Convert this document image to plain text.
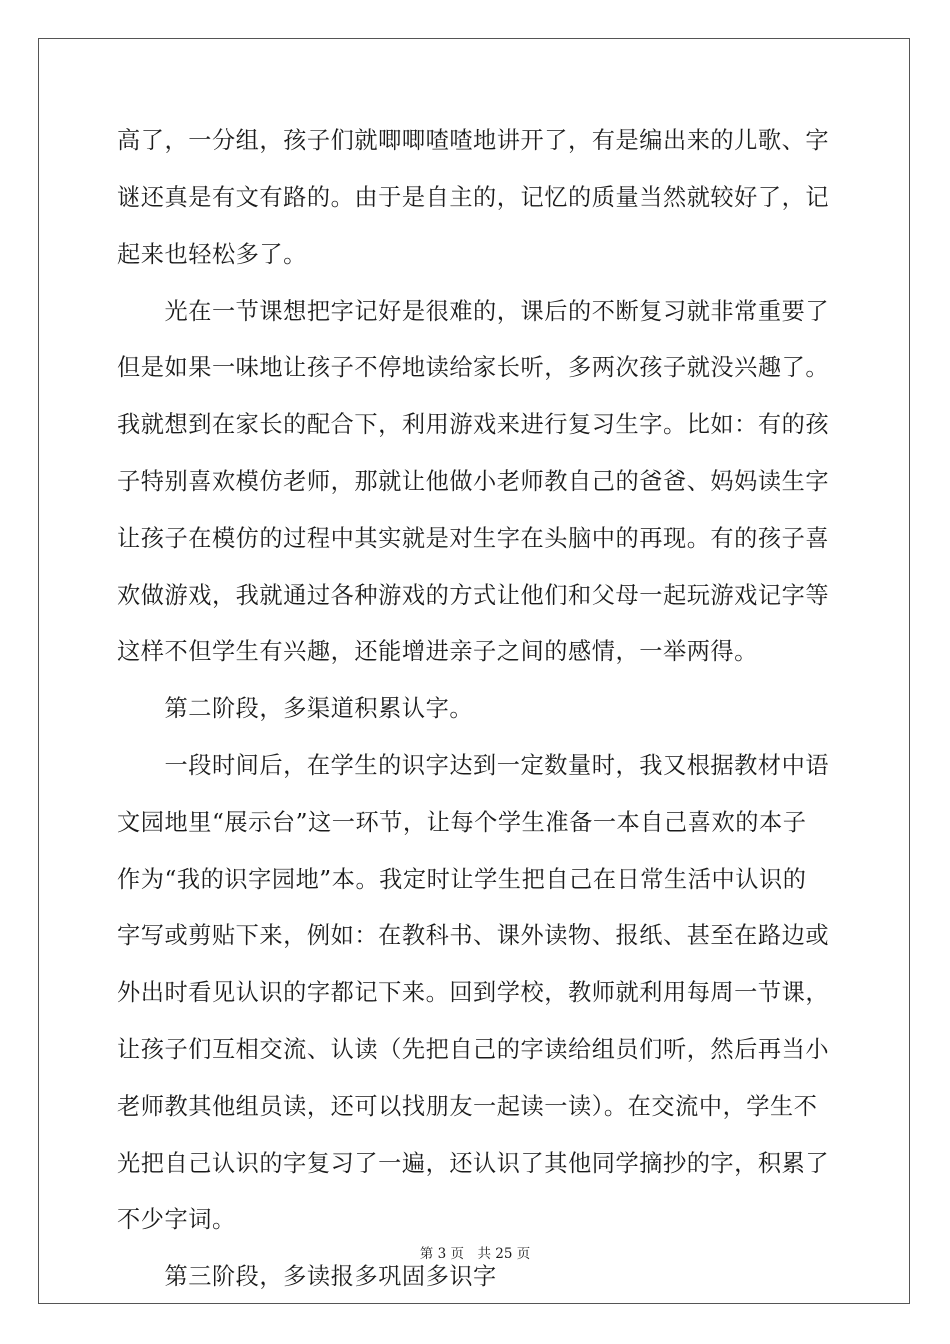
高了，一分组，孩子们就唧唧喳喳地讲开了，有是编出来的儿歌、字
谜还真是有文有路的。由于是自主的，记忆的质量当然就较好了，记
起来也轻松多了。
　　光在一节课想把字记好是很难的，课后的不断复习就非常重要了
但是如果一味地让孩子不停地读给家长听，多两次孩子就没兴趣了。
我就想到在家长的配合下，利用游戏来进行复习生字。比如：有的孩
子特别喜欢模仿老师，那就让他做小老师教自己的爸爸、妈妈读生字
让孩子在模仿的过程中其实就是对生字在头脑中的再现。有的孩子喜
欢做游戏，我就通过各种游戏的方式让他们和父母一起玩游戏记字等
这样不但学生有兴趣，还能增进亲子之间的感情，一举两得。
　　第二阶段，多渠道积累认字。
　　一段时间后，在学生的识字达到一定数量时，我又根据教材中语
文园地里“展示台”这一环节，让每个学生准备一本自己喜欢的本子
作为“我的识字园地”本。我定时让学生把自己在日常生活中认识的
字写或剪贴下来，例如：在教科书、课外读物、报纸、甚至在路边或
外出时看见认识的字都记下来。回到学校，教师就利用每周一节课，
让孩子们互相交流、认读（先把自己的字读给组员们听，然后再当小
老师教其他组员读，还可以找朋友一起读一读）。在交流中，学生不
光把自己认识的字复习了一遍，还认识了其他同学摘抄的字，积累了
不少字词。
　　第三阶段，多读报多巩固多识字
第 3 页　共 25 页
